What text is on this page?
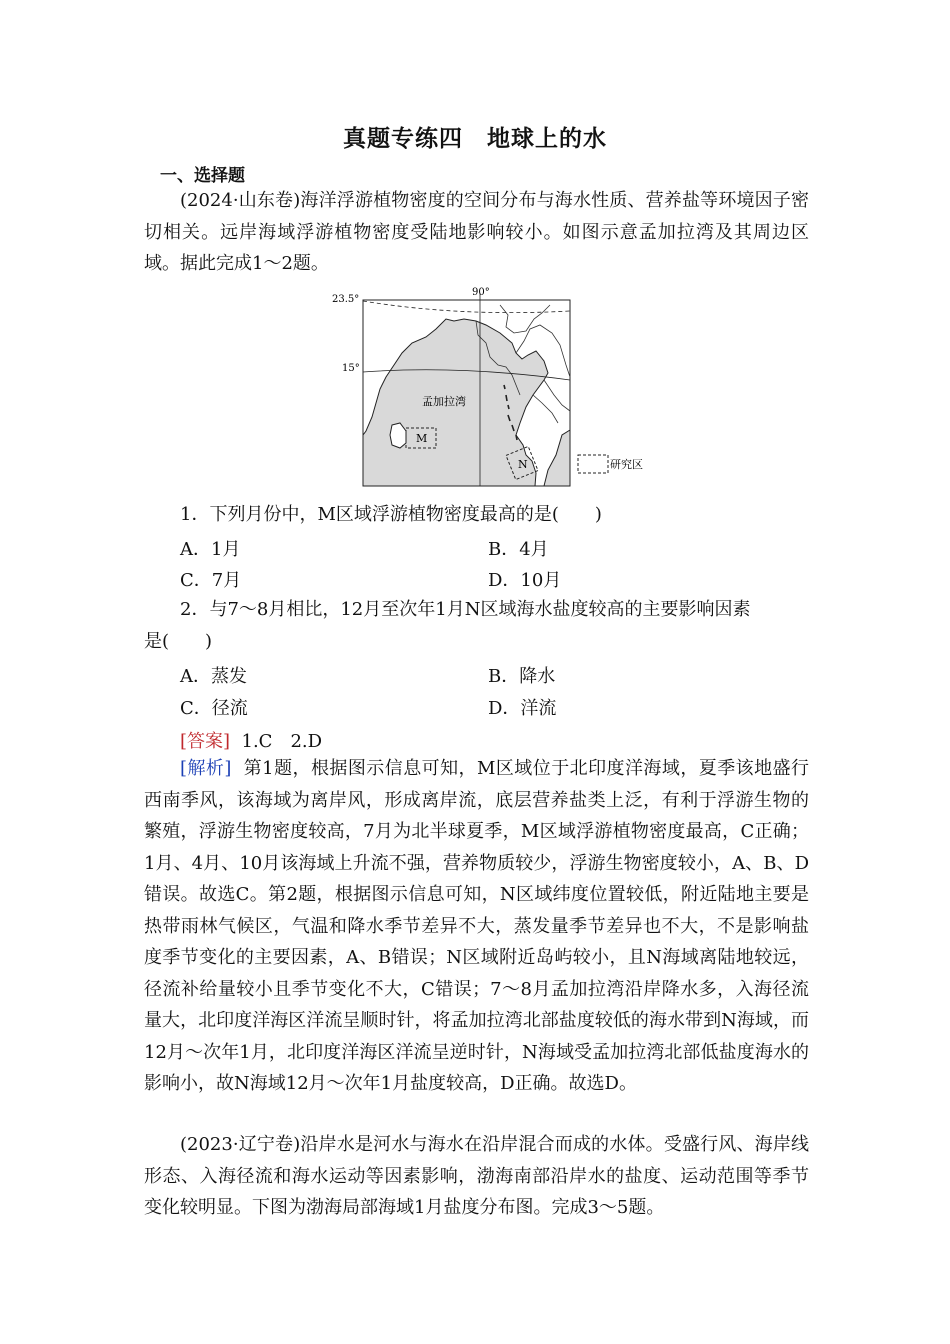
真题专练四　地球上的水
一、选择题
(2024·山东卷)海洋浮游植物密度的空间分布与海水性质、营养盐等环境因子密切相关。远岸海域浮游植物密度受陆地影响较小。如图示意孟加拉湾及其周边区域。据此完成1～2题。
23.5°
15°
90°
孟加拉湾
M
N	研究区
1．下列月份中，M区域浮游植物密度最高的是(　　)
A．1月	B．4月
C．7月	D．10月
2．与7～8月相比，12月至次年1月N区域海水盐度较高的主要影响因素
是(　　)
A．蒸发	B．降水
C．径流	D．洋流
[答案] 1.C　2.D
[解析] 第1题，根据图示信息可知，M区域位于北印度洋海域，夏季该地盛行西南季风，该海域为离岸风，形成离岸流，底层营养盐类上泛，有利于浮游生物的繁殖，浮游生物密度较高，7月为北半球夏季，M区域浮游植物密度最高，C正确；1月、4月、10月该海域上升流不强，营养物质较少，浮游生物密度较小，A、B、D错误。故选C。第2题，根据图示信息可知，N区域纬度位置较低，附近陆地主要是热带雨林气候区，气温和降水季节差异不大，蒸发量季节差异也不大，不是影响盐度季节变化的主要因素，A、B错误；N区域附近岛屿较小，且N海域离陆地较远，径流补给量较小且季节变化不大，C错误；7～8月孟加拉湾沿岸降水多，入海径流量大，北印度洋海区洋流呈顺时针，将孟加拉湾北部盐度较低的海水带到N海域，而12月～次年1月，北印度洋海区洋流呈逆时针，N海域受孟加拉湾北部低盐度海水的影响小，故N海域12月～次年1月盐度较高，D正确。故选D。
(2023·辽宁卷)沿岸水是河水与海水在沿岸混合而成的水体。受盛行风、海岸线形态、入海径流和海水运动等因素影响，渤海南部沿岸水的盐度、运动范围等季节变化较明显。下图为渤海局部海域1月盐度分布图。完成3～5题。
